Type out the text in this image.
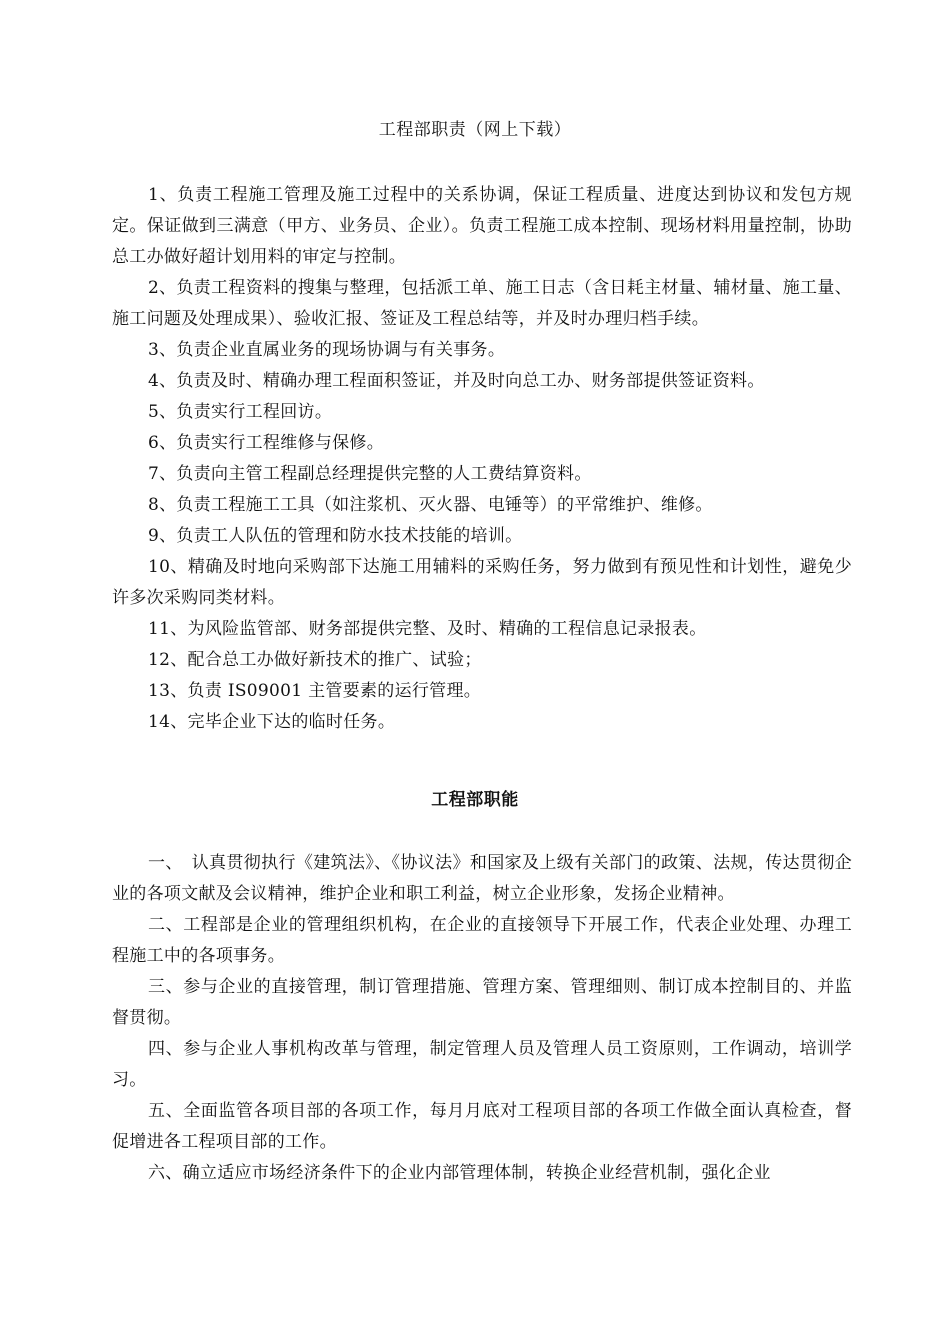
工程部职责（网上下载）

1、负责工程施工管理及施工过程中的关系协调，保证工程质量、进度达到协议和发包方规定。保证做到三满意（甲方、业务员、企业）。负责工程施工成本控制、现场材料用量控制，协助总工办做好超计划用料的审定与控制。

2、负责工程资料的搜集与整理，包括派工单、施工日志（含日耗主材量、辅材量、施工量、施工问题及处理成果）、验收汇报、签证及工程总结等，并及时办理归档手续。

3、负责企业直属业务的现场协调与有关事务。

4、负责及时、精确办理工程面积签证，并及时向总工办、财务部提供签证资料。

5、负责实行工程回访。

6、负责实行工程维修与保修。

7、负责向主管工程副总经理提供完整的人工费结算资料。

8、负责工程施工工具（如注浆机、灭火器、电锤等）的平常维护、维修。

9、负责工人队伍的管理和防水技术技能的培训。

10、精确及时地向采购部下达施工用辅料的采购任务，努力做到有预见性和计划性，避免少许多次采购同类材料。

11、为风险监管部、财务部提供完整、及时、精确的工程信息记录报表。

12、配合总工办做好新技术的推广、试验；

13、负责 IS09001 主管要素的运行管理。

14、完毕企业下达的临时任务。

工程部职能

一、　认真贯彻执行《建筑法》、《协议法》和国家及上级有关部门的政策、法规，传达贯彻企业的各项文献及会议精神，维护企业和职工利益，树立企业形象，发扬企业精神。

二、工程部是企业的管理组织机构，在企业的直接领导下开展工作，代表企业处理、办理工程施工中的各项事务。

三、参与企业的直接管理，制订管理措施、管理方案、管理细则、制订成本控制目的、并监督贯彻。

四、参与企业人事机构改革与管理，制定管理人员及管理人员工资原则，工作调动，培训学习。

五、全面监管各项目部的各项工作，每月月底对工程项目部的各项工作做全面认真检查，督促增进各工程项目部的工作。

六、确立适应市场经济条件下的企业内部管理体制，转换企业经营机制，强化企业
